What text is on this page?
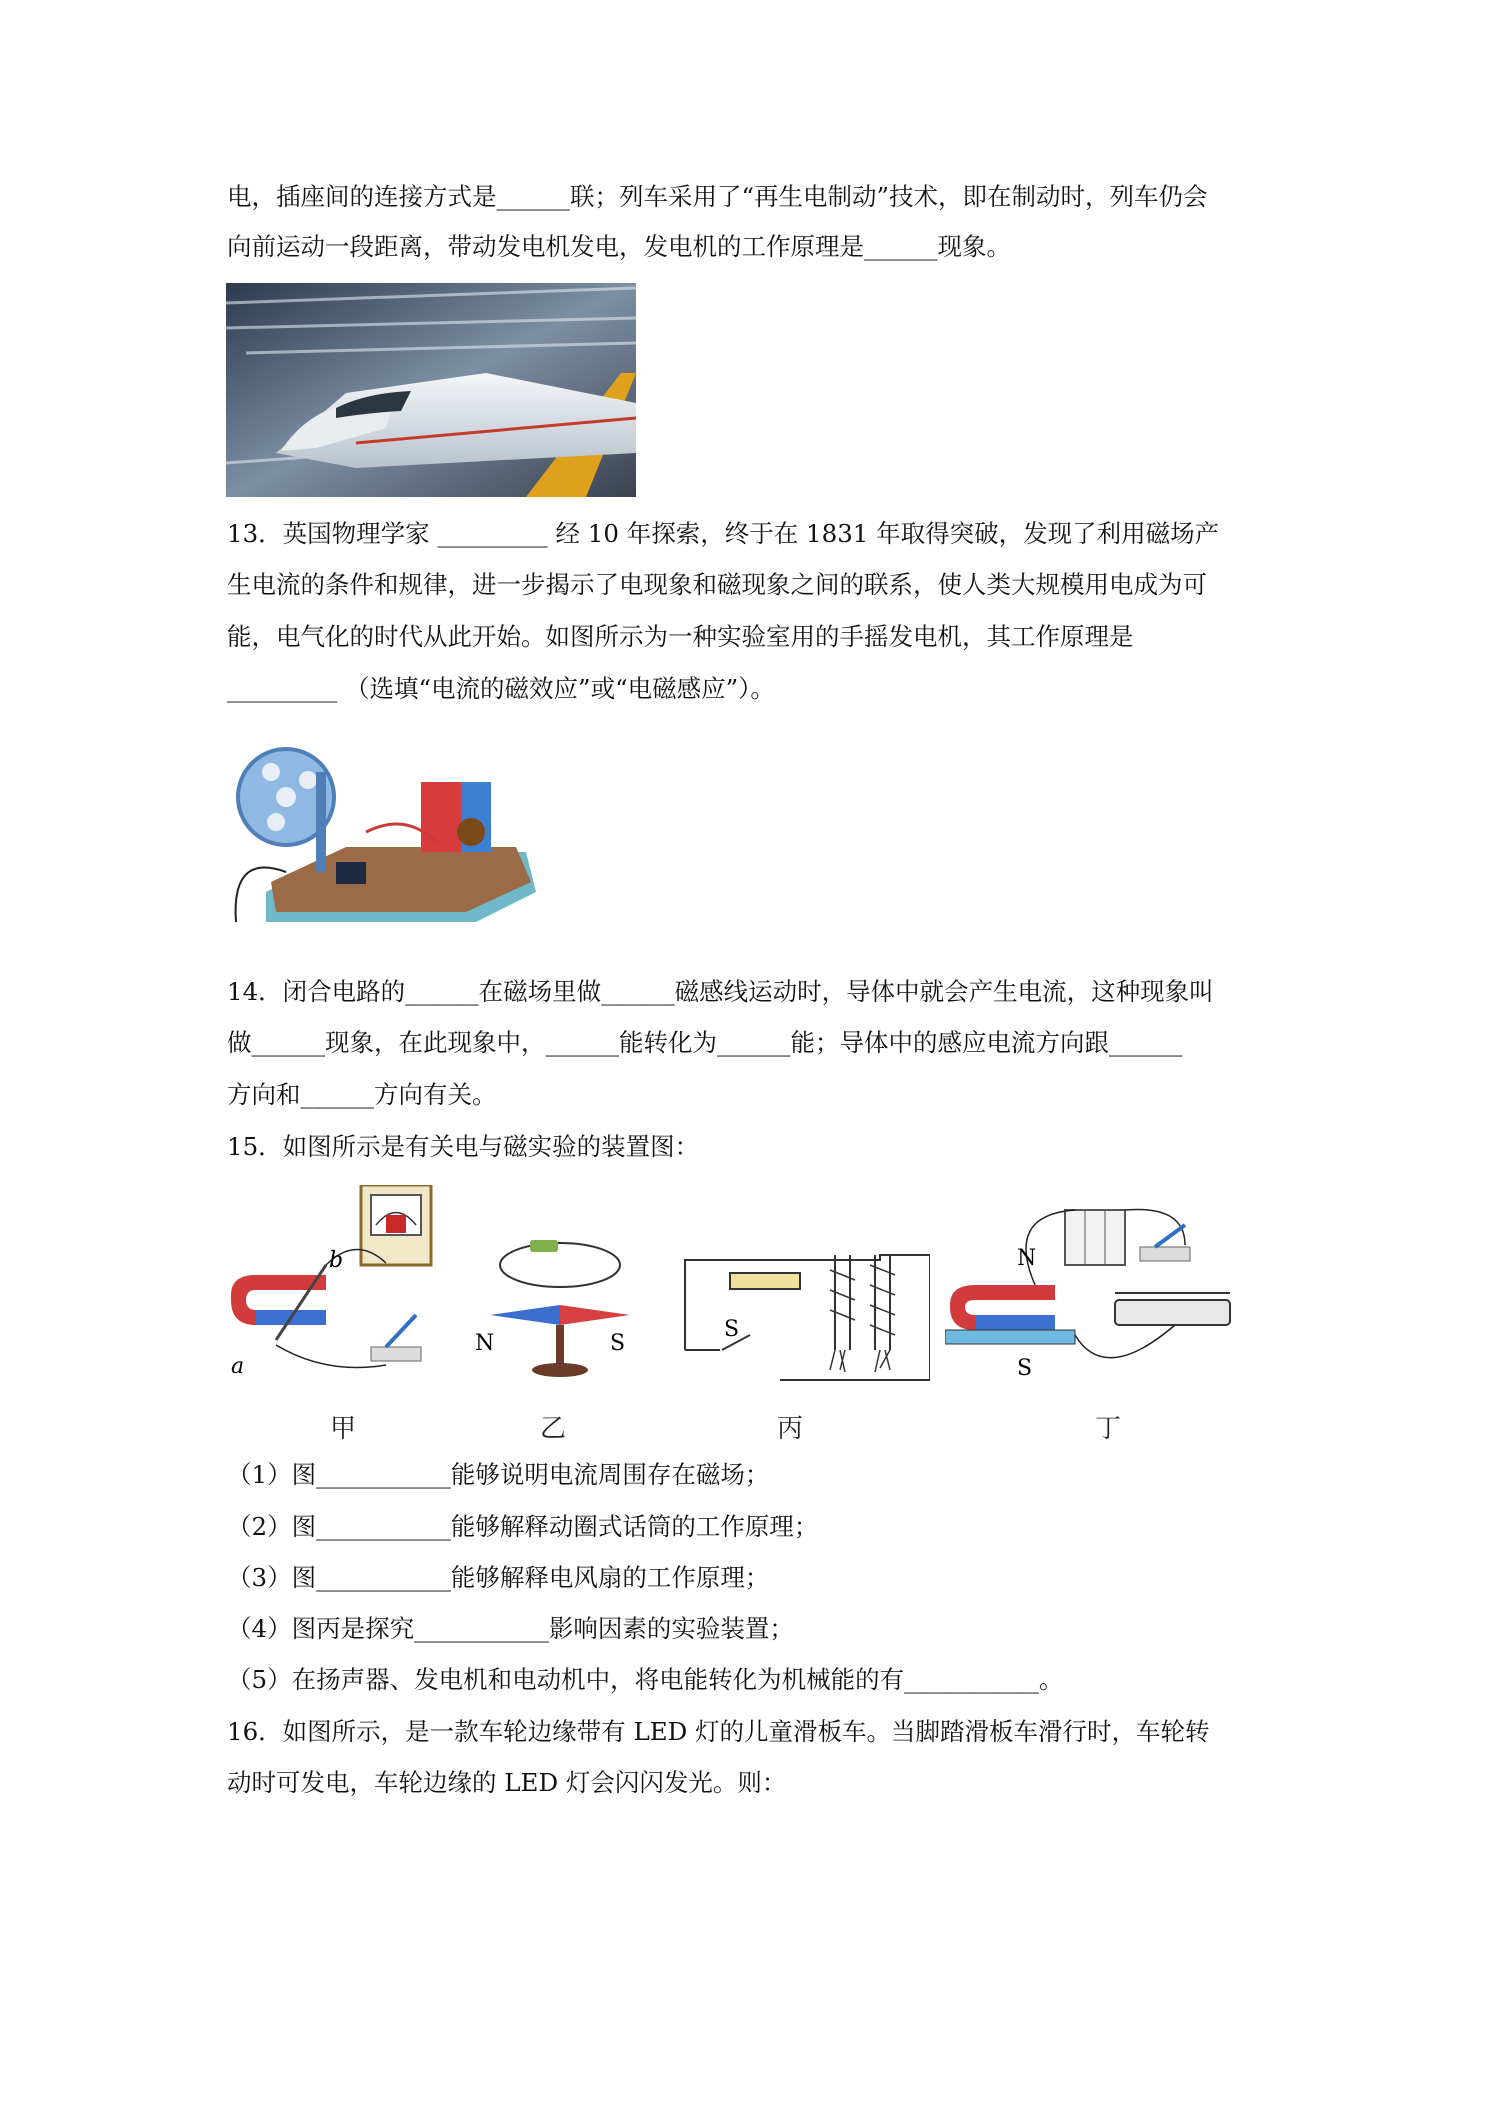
电，插座间的连接方式是______联；列车采用了“再生电制动”技术，即在制动时，列车仍会
向前运动一段距离，带动发电机发电，发电机的工作原理是______现象。
13．英国物理学家 _________ 经 10 年探索，终于在 1831 年取得突破，发现了利用磁场产
生电流的条件和规律，进一步揭示了电现象和磁现象之间的联系，使人类大规模用电成为可
能，电气化的时代从此开始。如图所示为一种实验室用的手摇发电机，其工作原理是
_________ （选填“电流的磁效应”或“电磁感应”）。
14．闭合电路的______在磁场里做______磁感线运动时，导体中就会产生电流，这种现象叫
做______现象，在此现象中，______能转化为______能；导体中的感应电流方向跟______
方向和______方向有关。
15．如图所示是有关电与磁实验的装置图：
b
a
N	S
S
N
S
甲	乙	丙	丁
（1）图___________能够说明电流周围存在磁场；
（2）图___________能够解释动圈式话筒的工作原理；
（3）图___________能够解释电风扇的工作原理；
（4）图丙是探究___________影响因素的实验装置；
（5）在扬声器、发电机和电动机中，将电能转化为机械能的有___________。
16．如图所示，是一款车轮边缘带有 LED 灯的儿童滑板车。当脚踏滑板车滑行时，车轮转
动时可发电，车轮边缘的 LED 灯会闪闪发光。则：
